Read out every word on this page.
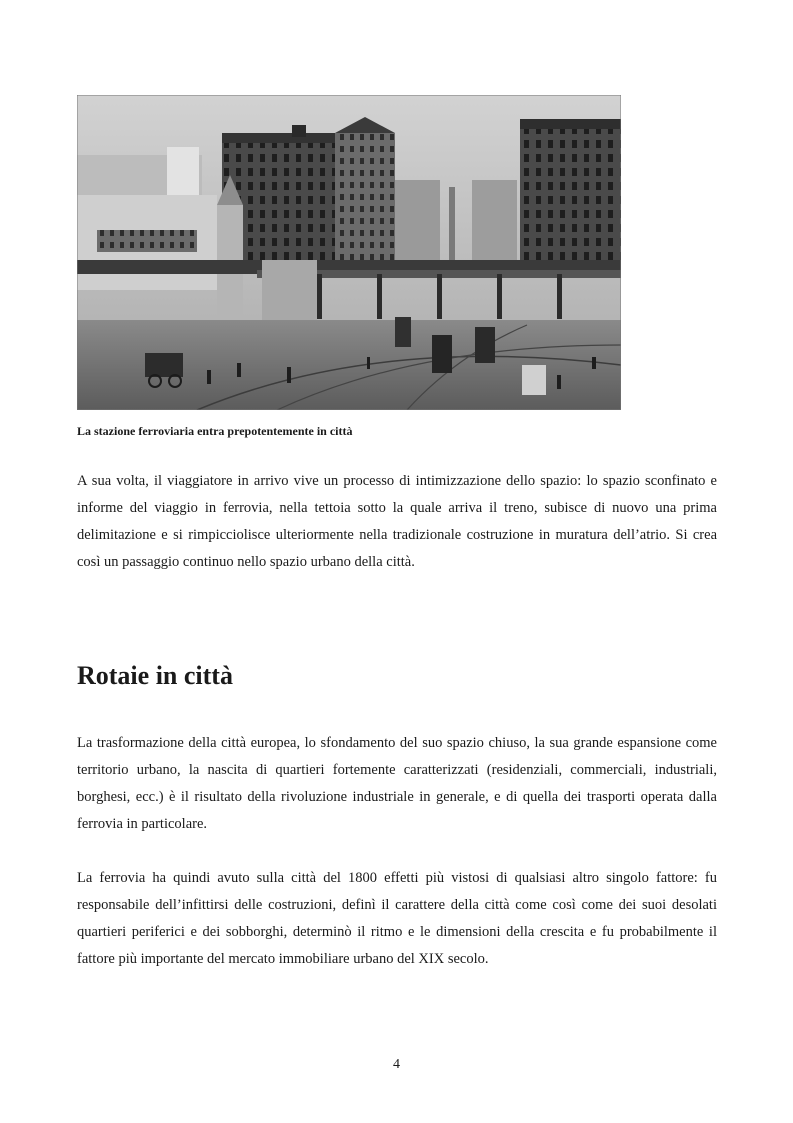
La stazione ferroviaria entra prepotentemente in città

A sua volta, il viaggiatore in arrivo vive un processo di intimizzazione dello spazio: lo spazio sconfinato e informe del viaggio in ferrovia, nella tettoia sotto la quale arriva il treno, subisce di nuovo una prima delimitazione e si rimpicciolisce ulteriormente nella tradizionale costruzione in muratura dell’atrio. Si crea così un passaggio continuo nello spazio urbano della città.

Rotaie in città

La trasformazione della città europea, lo sfondamento del suo spazio chiuso, la sua grande espansione come territorio urbano, la nascita di quartieri fortemente caratterizzati (residenziali, commerciali, industriali, borghesi, ecc.) è il risultato della rivoluzione industriale in generale, e di quella dei trasporti operata dalla ferrovia in particolare.

La ferrovia ha quindi avuto sulla città del 1800 effetti più vistosi di qualsiasi altro singolo fattore: fu responsabile dell’infittirsi delle costruzioni, definì il carattere della città come così come dei suoi desolati quartieri periferici e dei sobborghi, determinò il ritmo e le dimensioni della crescita e fu probabilmente il fattore più importante del mercato immobiliare urbano del XIX secolo.

4
